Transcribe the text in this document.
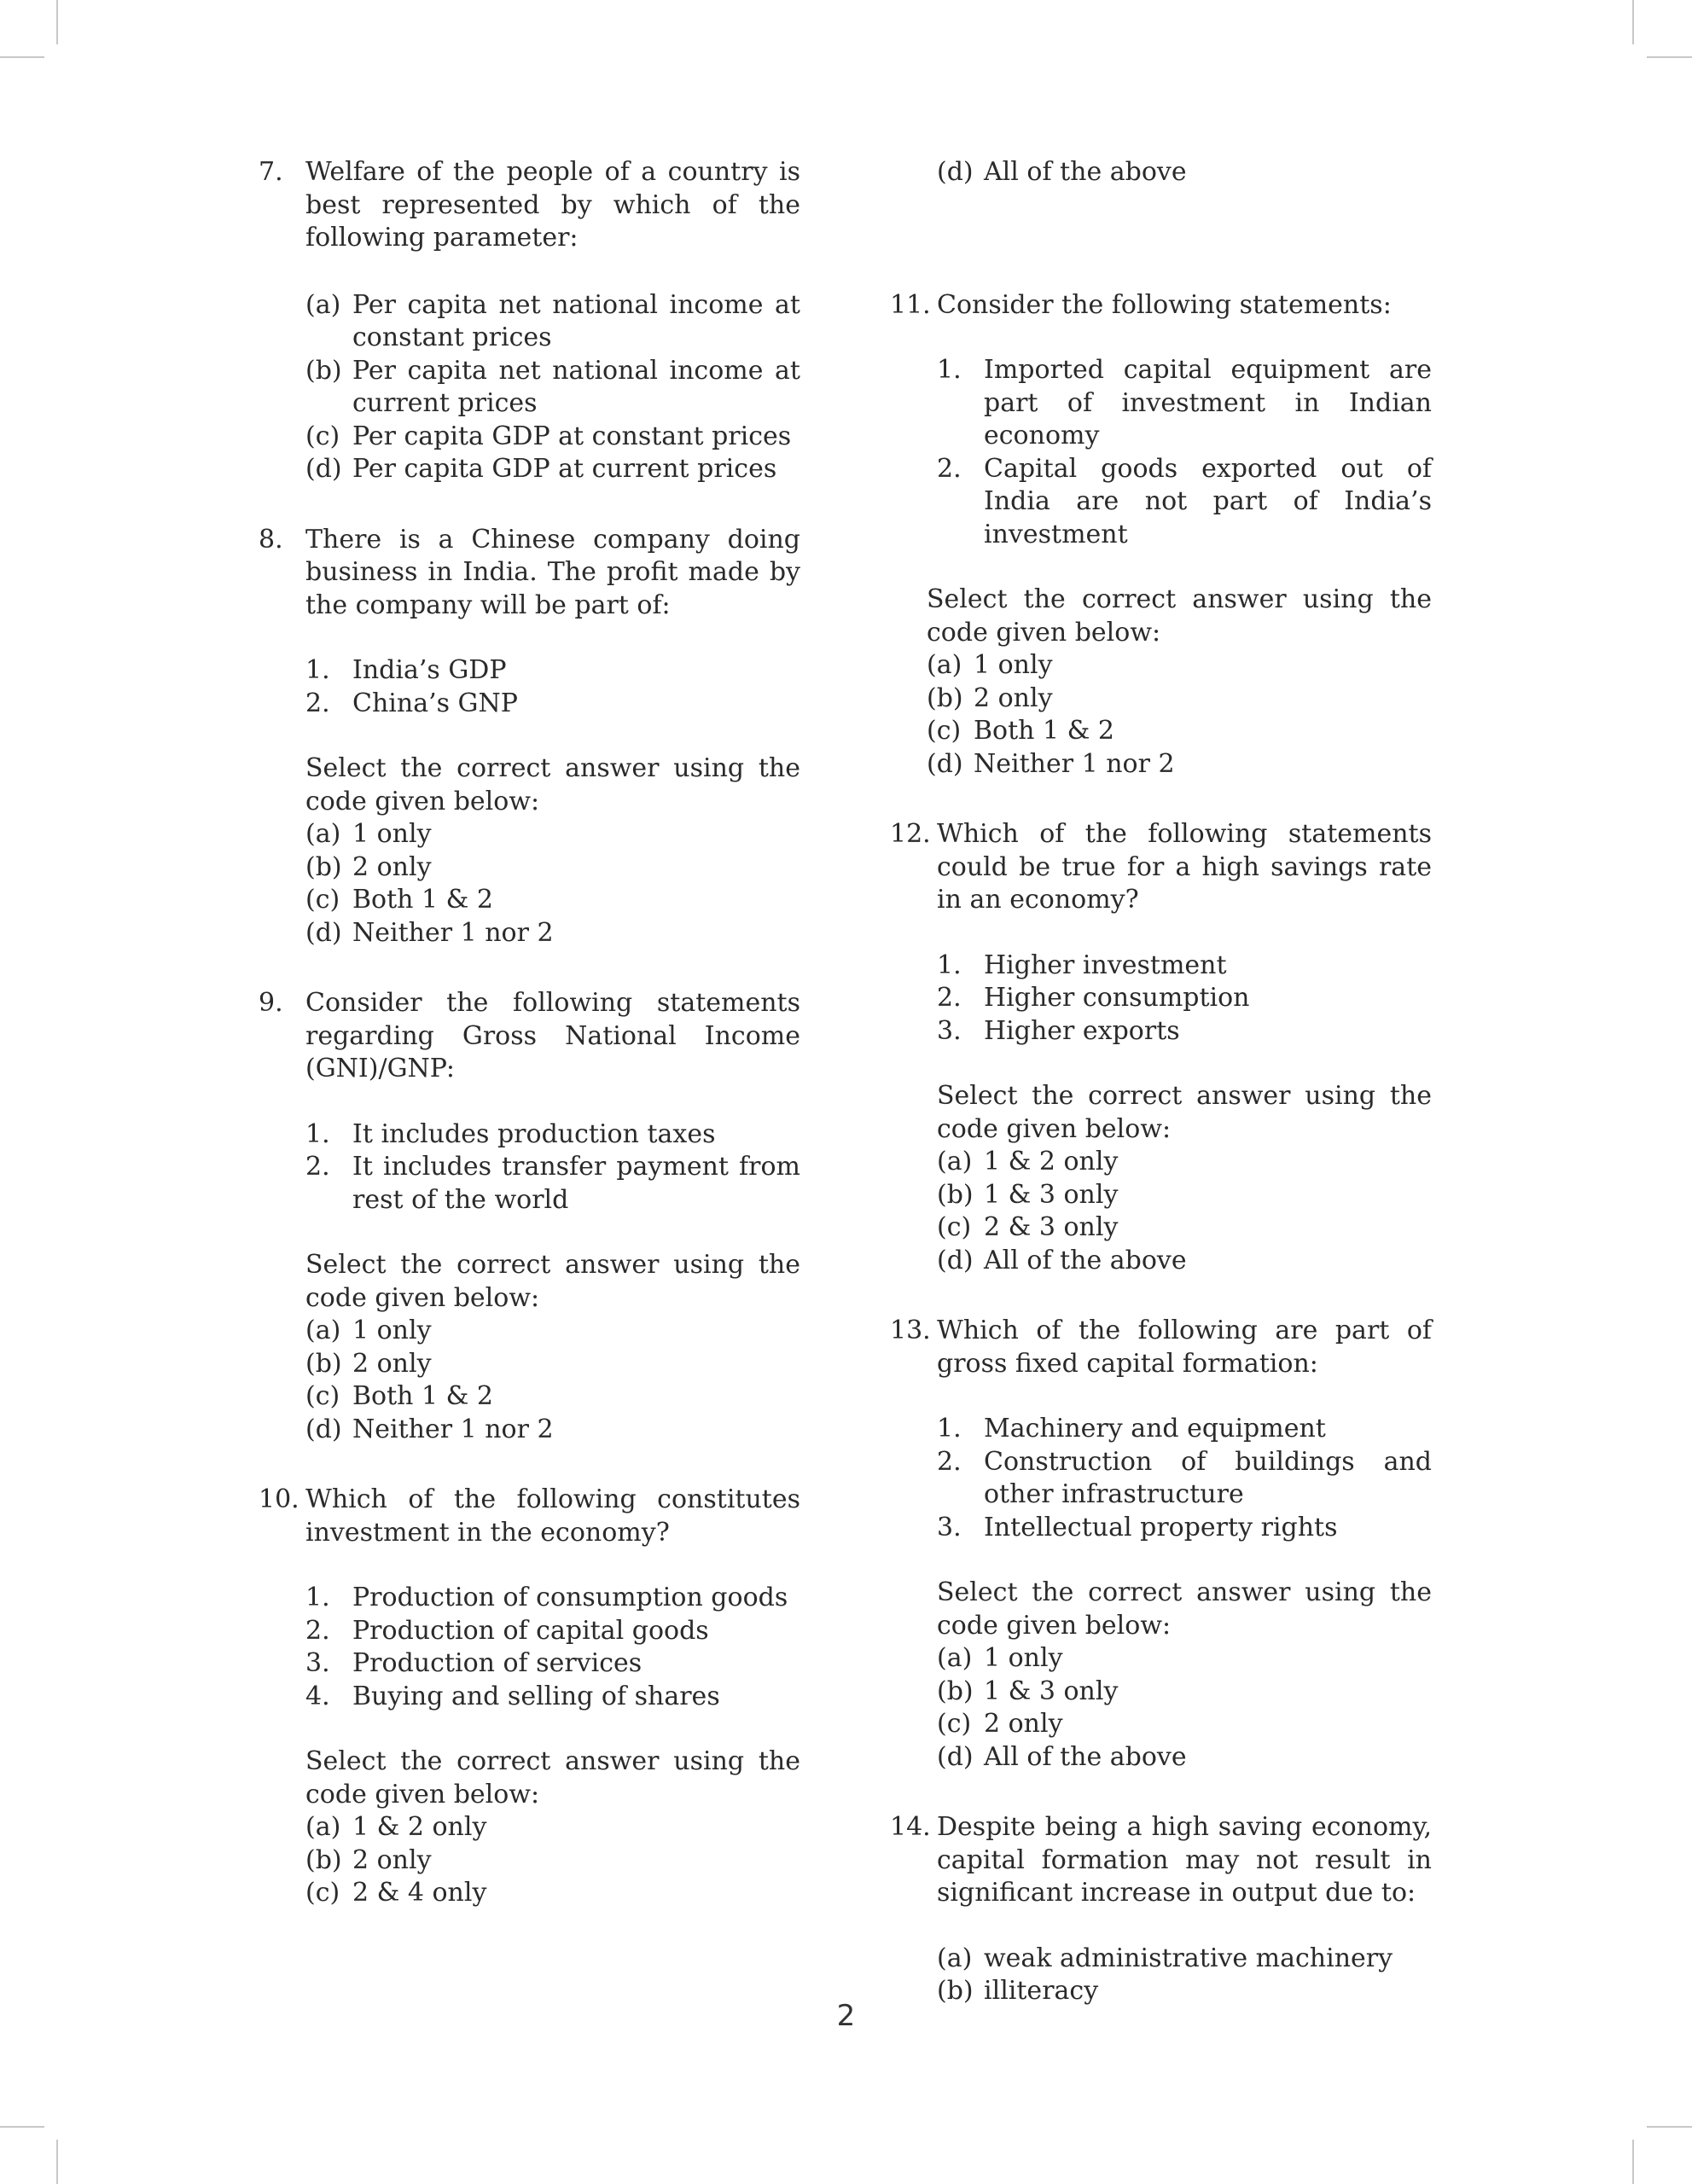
7. Welfare of the people of a country is best represented by which of the following parameter:
(a) Per capita net national income at constant prices
(b) Per capita net national income at current prices
(c) Per capita GDP at constant prices
(d) Per capita GDP at current prices
8. There is a Chinese company doing business in India. The profit made by the company will be part of:
1. India’s GDP
2. China’s GNP
Select the correct answer using the code given below:
(a) 1 only
(b) 2 only
(c) Both 1 & 2
(d) Neither 1 nor 2
9. Consider the following statements regarding Gross National Income (GNI)/GNP:
1. It includes production taxes
2. It includes transfer payment from rest of the world
Select the correct answer using the code given below:
(a) 1 only
(b) 2 only
(c) Both 1 & 2
(d) Neither 1 nor 2
10. Which of the following constitutes investment in the economy?
1. Production of consumption goods
2. Production of capital goods
3. Production of services
4. Buying and selling of shares
Select the correct answer using the code given below:
(a) 1 & 2 only
(b) 2 only
(c) 2 & 4 only
(d) All of the above
11. Consider the following statements:
1. Imported capital equipment are part of investment in Indian economy
2. Capital goods exported out of India are not part of India’s investment
Select the correct answer using the code given below:
(a) 1 only
(b) 2 only
(c) Both 1 & 2
(d) Neither 1 nor 2
12. Which of the following statements could be true for a high savings rate in an economy?
1. Higher investment
2. Higher consumption
3. Higher exports
Select the correct answer using the code given below:
(a) 1 & 2 only
(b) 1 & 3 only
(c) 2 & 3 only
(d) All of the above
13. Which of the following are part of gross fixed capital formation:
1. Machinery and equipment
2. Construction of buildings and other infrastructure
3. Intellectual property rights
Select the correct answer using the code given below:
(a) 1 only
(b) 1 & 3 only
(c) 2 only
(d) All of the above
14. Despite being a high saving economy, capital formation may not result in significant increase in output due to:
(a) weak administrative machinery
(b) illiteracy
2
